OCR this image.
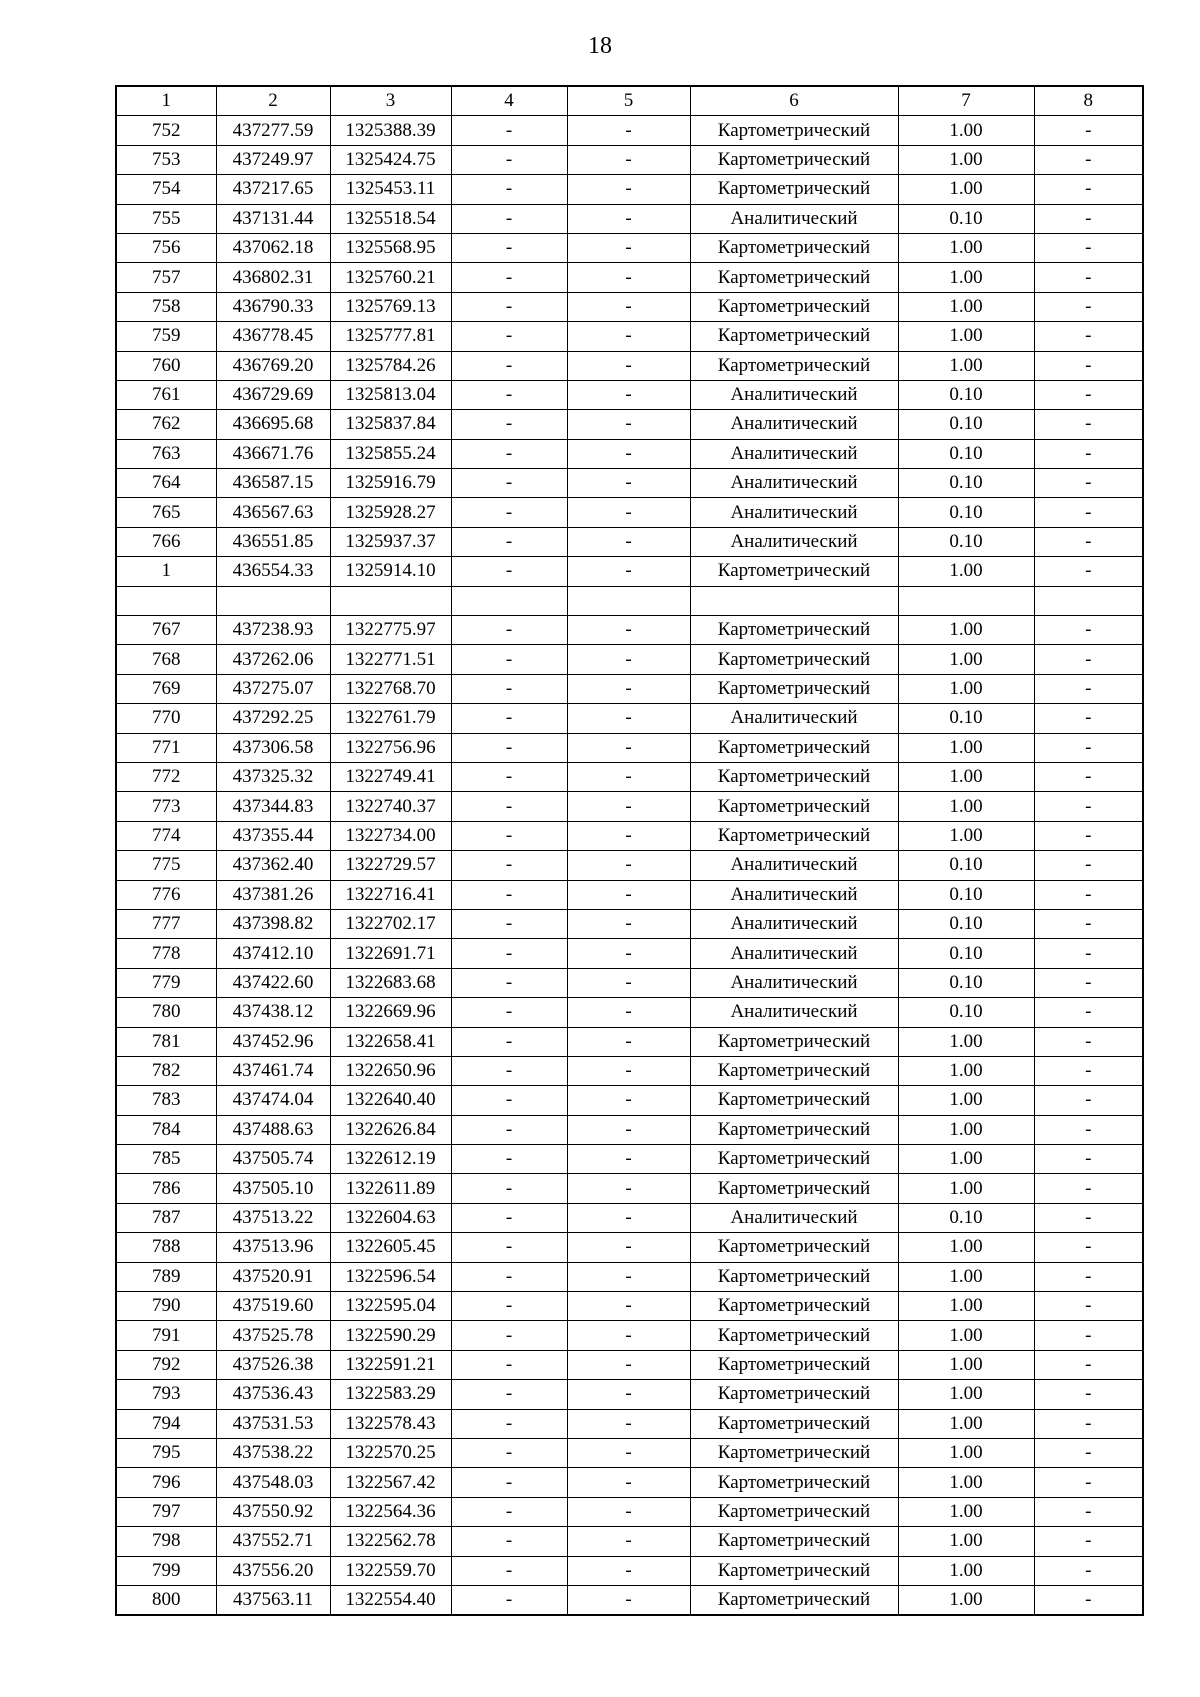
18
1	2	3	4	5	6	7	8
752	437277.59	1325388.39	-	-	Картометрический	1.00	-
753	437249.97	1325424.75	-	-	Картометрический	1.00	-
754	437217.65	1325453.11	-	-	Картометрический	1.00	-
755	437131.44	1325518.54	-	-	Аналитический	0.10	-
756	437062.18	1325568.95	-	-	Картометрический	1.00	-
757	436802.31	1325760.21	-	-	Картометрический	1.00	-
758	436790.33	1325769.13	-	-	Картометрический	1.00	-
759	436778.45	1325777.81	-	-	Картометрический	1.00	-
760	436769.20	1325784.26	-	-	Картометрический	1.00	-
761	436729.69	1325813.04	-	-	Аналитический	0.10	-
762	436695.68	1325837.84	-	-	Аналитический	0.10	-
763	436671.76	1325855.24	-	-	Аналитический	0.10	-
764	436587.15	1325916.79	-	-	Аналитический	0.10	-
765	436567.63	1325928.27	-	-	Аналитический	0.10	-
766	436551.85	1325937.37	-	-	Аналитический	0.10	-
1	436554.33	1325914.10	-	-	Картометрический	1.00	-

767	437238.93	1322775.97	-	-	Картометрический	1.00	-
768	437262.06	1322771.51	-	-	Картометрический	1.00	-
769	437275.07	1322768.70	-	-	Картометрический	1.00	-
770	437292.25	1322761.79	-	-	Аналитический	0.10	-
771	437306.58	1322756.96	-	-	Картометрический	1.00	-
772	437325.32	1322749.41	-	-	Картометрический	1.00	-
773	437344.83	1322740.37	-	-	Картометрический	1.00	-
774	437355.44	1322734.00	-	-	Картометрический	1.00	-
775	437362.40	1322729.57	-	-	Аналитический	0.10	-
776	437381.26	1322716.41	-	-	Аналитический	0.10	-
777	437398.82	1322702.17	-	-	Аналитический	0.10	-
778	437412.10	1322691.71	-	-	Аналитический	0.10	-
779	437422.60	1322683.68	-	-	Аналитический	0.10	-
780	437438.12	1322669.96	-	-	Аналитический	0.10	-
781	437452.96	1322658.41	-	-	Картометрический	1.00	-
782	437461.74	1322650.96	-	-	Картометрический	1.00	-
783	437474.04	1322640.40	-	-	Картометрический	1.00	-
784	437488.63	1322626.84	-	-	Картометрический	1.00	-
785	437505.74	1322612.19	-	-	Картометрический	1.00	-
786	437505.10	1322611.89	-	-	Картометрический	1.00	-
787	437513.22	1322604.63	-	-	Аналитический	0.10	-
788	437513.96	1322605.45	-	-	Картометрический	1.00	-
789	437520.91	1322596.54	-	-	Картометрический	1.00	-
790	437519.60	1322595.04	-	-	Картометрический	1.00	-
791	437525.78	1322590.29	-	-	Картометрический	1.00	-
792	437526.38	1322591.21	-	-	Картометрический	1.00	-
793	437536.43	1322583.29	-	-	Картометрический	1.00	-
794	437531.53	1322578.43	-	-	Картометрический	1.00	-
795	437538.22	1322570.25	-	-	Картометрический	1.00	-
796	437548.03	1322567.42	-	-	Картометрический	1.00	-
797	437550.92	1322564.36	-	-	Картометрический	1.00	-
798	437552.71	1322562.78	-	-	Картометрический	1.00	-
799	437556.20	1322559.70	-	-	Картометрический	1.00	-
800	437563.11	1322554.40	-	-	Картометрический	1.00	-
